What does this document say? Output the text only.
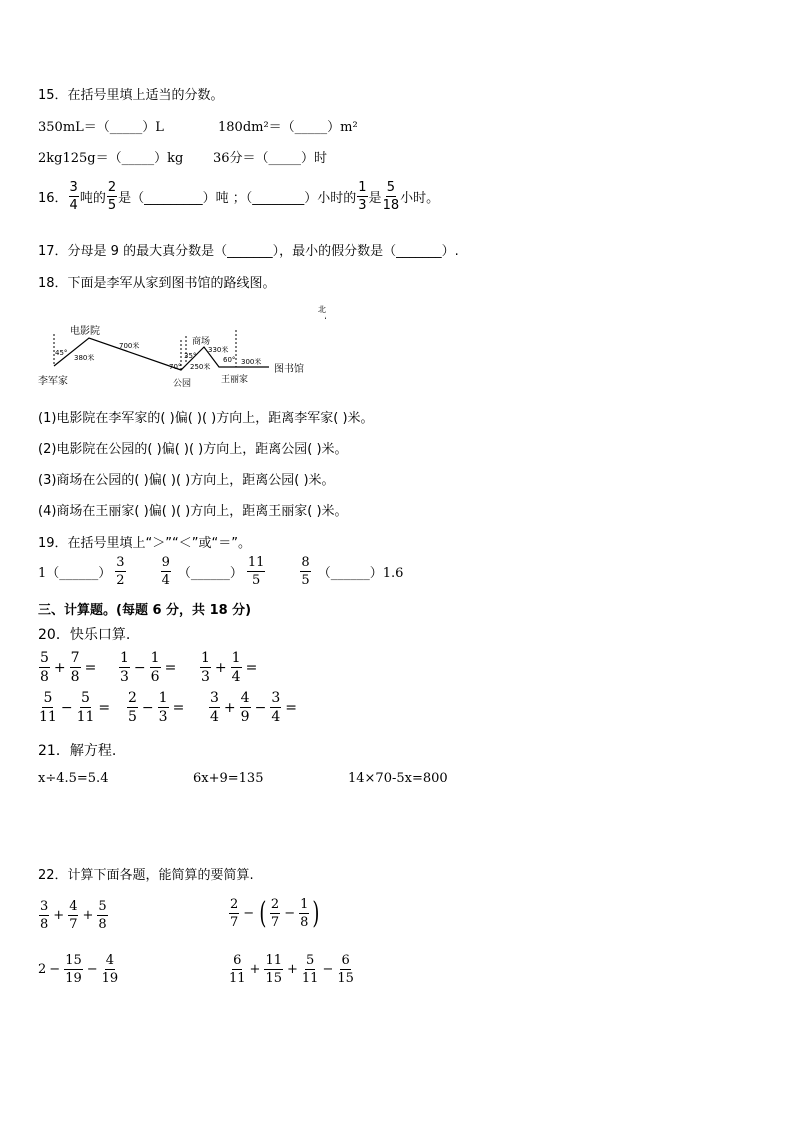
15．在括号里填上适当的分数。
350mL＝（_____）L	180dm²＝（_____）m²
2kg125g＝（_____）kg 36分＝（_____）时
16． $\frac{3}{4}$ 吨的 $\frac{2}{5}$ 是（_________）吨 ；（________）小时的 $\frac{1}{3}$ 是 $\frac{5}{18}$ 小时。
17．分母是 9 的最大真分数是（_______），最小的假分数是（_______）.
18．下面是李军从家到图书馆的路线图。
北
电影院
李军家	公园
商场
王丽家
图书馆
380米
700米
250米
330米
300米
45°
70°
35°	60°
(1)电影院在李军家的( )偏( )( )方向上，距离李军家( )米。
(2)电影院在公园的( )偏( )( )方向上，距离公园( )米。
(3)商场在公园的( )偏( )( )方向上，距离公园( )米。
(4)商场在王丽家( )偏( )( )方向上，距离王丽家( )米。
19．在括号里填上“＞”“＜”或“＝”。
1（______） $\frac{3}{2}$	$\frac{9}{4}$ （______） $\frac{11}{5}$	$\frac{8}{5}$ （______）1.6
三、计算题。(每题 6 分，共 18 分)
20．快乐口算.
$\frac{5}{8} + \frac{7}{8} = \frac{1}{3} - \frac{1}{6} = \frac{1}{3} + \frac{1}{4}$ =
$\frac{5}{11} - \frac{5}{11} = \frac{2}{5} - \frac{1}{3} = \frac{3}{4} + \frac{4}{9} - \frac{3}{4}$ =
21．解方程.
x÷4.5=5.4	6x+9=135	14×70-5x=800
22．计算下面各题，能简算的要简算.
$\frac{3}{8} + \frac{4}{7} + \frac{5}{8}$	$\frac{2}{7}$ − ( $\frac{2}{7} - \frac{1}{8}$ )
$2 - \frac{15}{19} - \frac{4}{19}$	$\frac{6}{11} + \frac{11}{15} + \frac{5}{11} - \frac{6}{15}$
